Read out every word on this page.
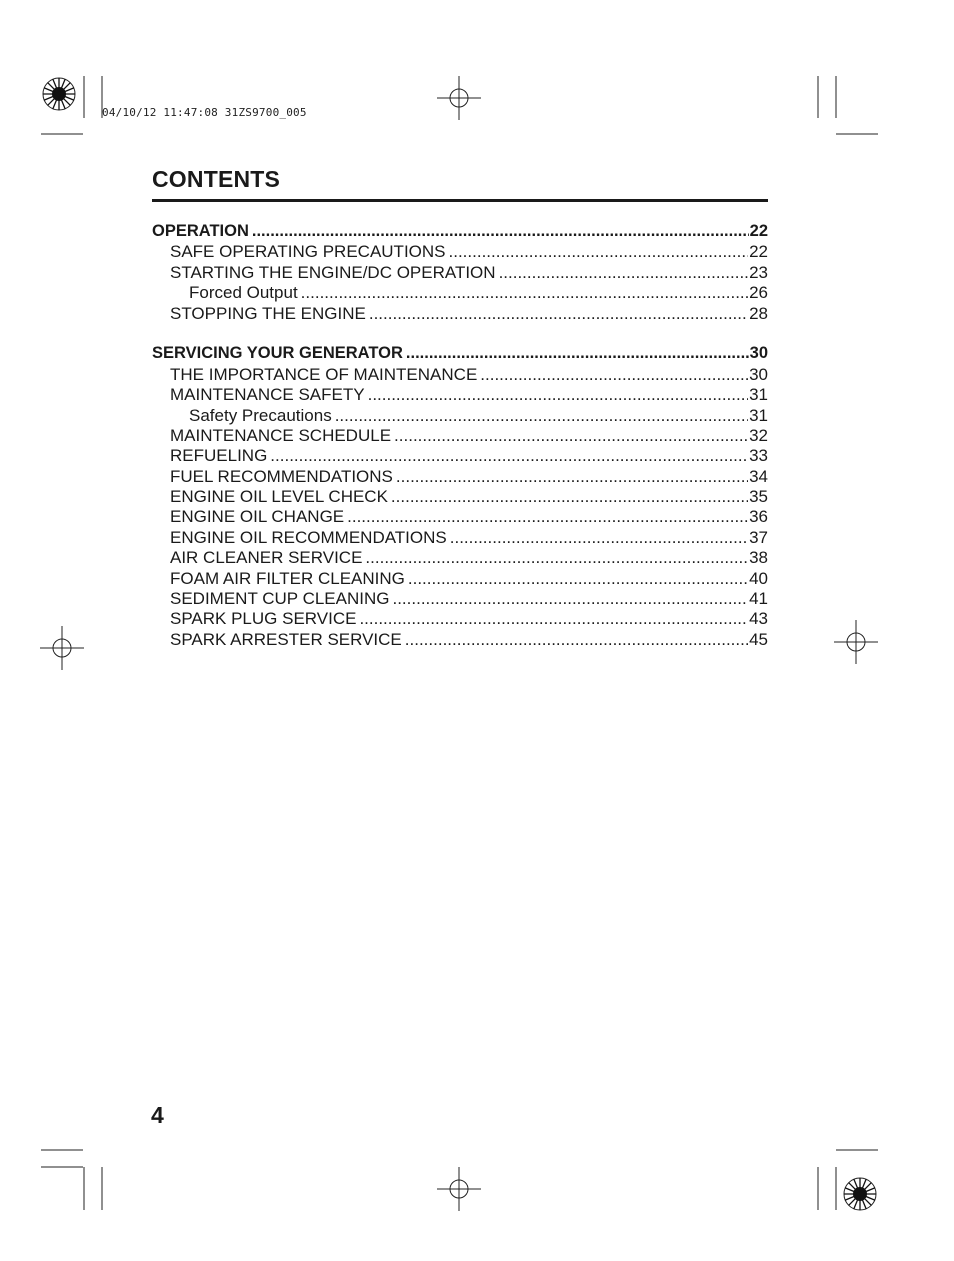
04/10/12 11:47:08 31ZS9700_005
CONTENTS
OPERATION .....	22
SAFE OPERATING PRECAUTIONS .....	22
STARTING THE ENGINE/DC OPERATION .....	23
Forced Output .....	26
STOPPING THE ENGINE .....	28
SERVICING YOUR GENERATOR .....	30
THE IMPORTANCE OF MAINTENANCE .....	30
MAINTENANCE SAFETY .....	31
Safety Precautions .....	31
MAINTENANCE SCHEDULE .....	32
REFUELING .....	33
FUEL RECOMMENDATIONS .....	34
ENGINE OIL LEVEL CHECK .....	35
ENGINE OIL CHANGE .....	36
ENGINE OIL RECOMMENDATIONS .....	37
AIR CLEANER SERVICE .....	38
FOAM AIR FILTER CLEANING .....	40
SEDIMENT CUP CLEANING .....	41
SPARK PLUG SERVICE .....	43
SPARK ARRESTER SERVICE .....	45
4
